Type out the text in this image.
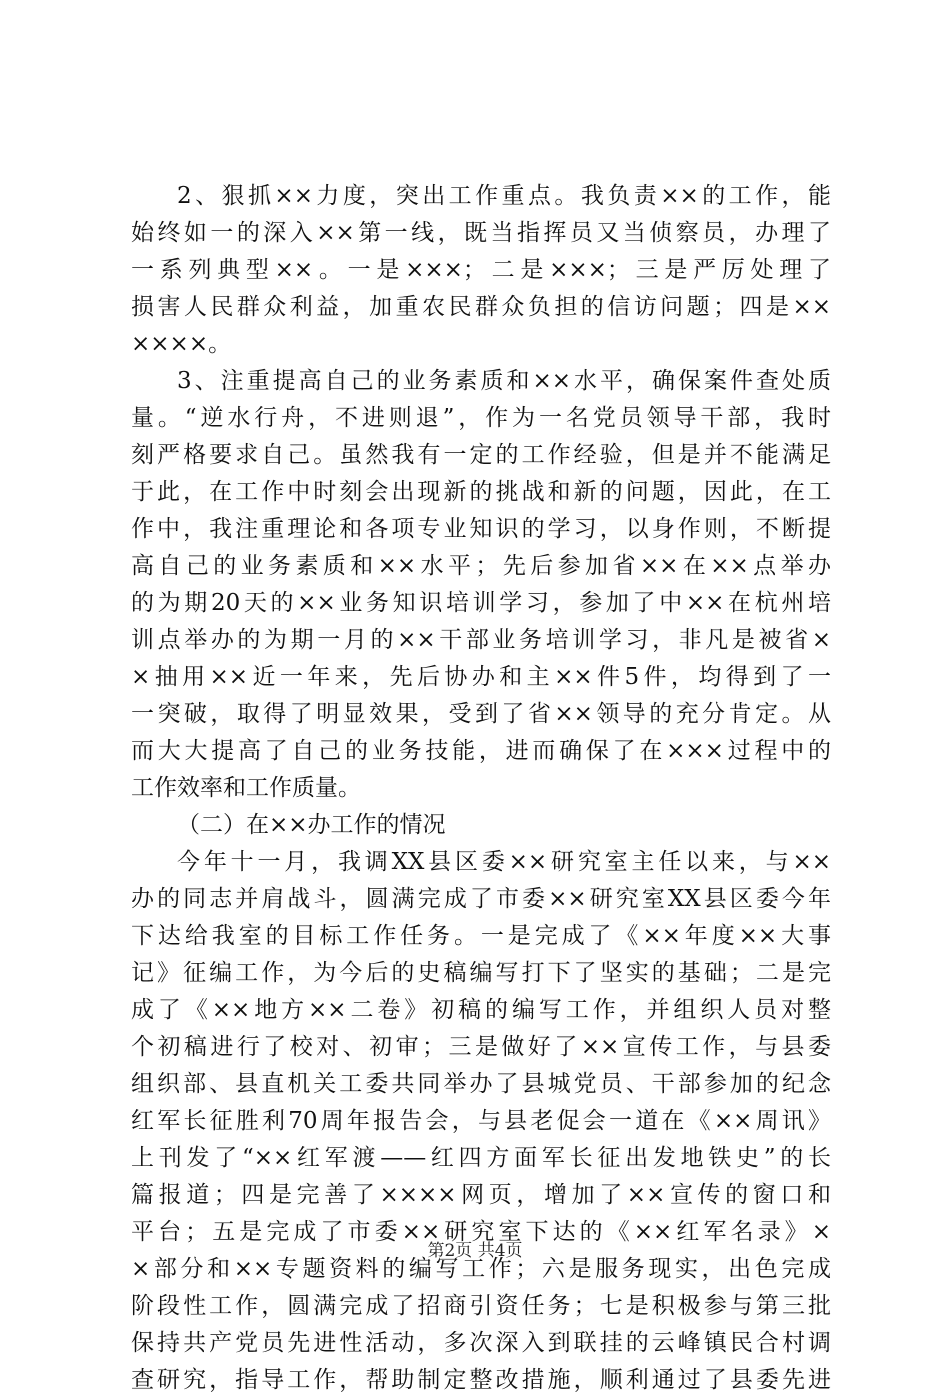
2、狠抓××力度，突出工作重点。我负责××的工作，能
始终如一的深入××第一线，既当指挥员又当侦察员，办理了
一系列典型××。一是×××；二是×××；三是严厉处理了
损害人民群众利益，加重农民群众负担的信访问题；四是××
××××。
3、注重提高自己的业务素质和××水平，确保案件查处质
量。“逆水行舟，不进则退”，作为一名党员领导干部，我时
刻严格要求自己。虽然我有一定的工作经验，但是并不能满足
于此，在工作中时刻会出现新的挑战和新的问题，因此，在工
作中，我注重理论和各项专业知识的学习，以身作则，不断提
高自己的业务素质和××水平；先后参加省××在××点举办
的为期20天的××业务知识培训学习，参加了中××在杭州培
训点举办的为期一月的××干部业务培训学习，非凡是被省×
×抽用××近一年来，先后协办和主××件5件，均得到了一
一突破，取得了明显效果，受到了省××领导的充分肯定。从
而大大提高了自己的业务技能，进而确保了在×××过程中的
工作效率和工作质量。
（二）在××办工作的情况
今年十一月，我调XX县区委××研究室主任以来，与××
办的同志并肩战斗，圆满完成了市委××研究室XX县区委今年
下达给我室的目标工作任务。一是完成了《××年度××大事
记》征编工作，为今后的史稿编写打下了坚实的基础；二是完
成了《××地方××二卷》初稿的编写工作，并组织人员对整
个初稿进行了校对、初审；三是做好了××宣传工作，与县委
组织部、县直机关工委共同举办了县城党员、干部参加的纪念
红军长征胜利70周年报告会，与县老促会一道在《××周讯》
上刊发了“××红军渡——红四方面军长征出发地铁史”的长
篇报道；四是完善了××××网页，增加了××宣传的窗口和
平台；五是完成了市委××研究室下达的《××红军名录》×
×部分和××专题资料的编写工作；六是服务现实，出色完成
阶段性工作，圆满完成了招商引资任务；七是积极参与第三批
保持共产党员先进性活动，多次深入到联挂的云峰镇民合村调
查研究，指导工作，帮助制定整改措施，顺利通过了县委先进
第2页 共4页
